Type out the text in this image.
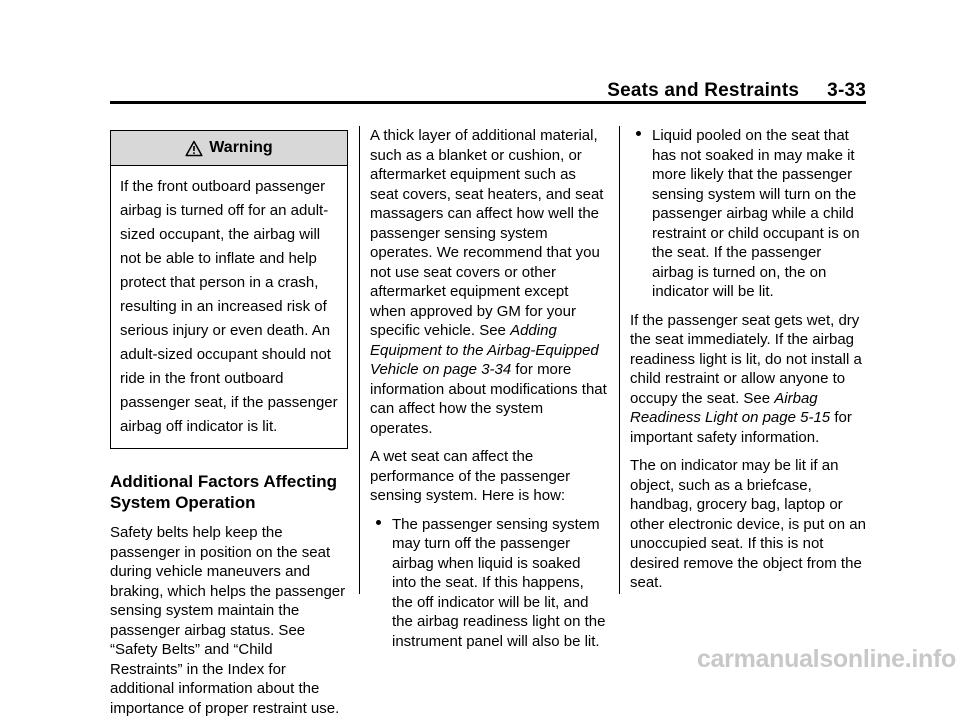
Seats and Restraints 3-33
Warning
If the front outboard passenger airbag is turned off for an adult-sized occupant, the airbag will not be able to inflate and help protect that person in a crash, resulting in an increased risk of serious injury or even death. An adult-sized occupant should not ride in the front outboard passenger seat, if the passenger airbag off indicator is lit.
Additional Factors Affecting System Operation

Safety belts help keep the passenger in position on the seat during vehicle maneuvers and braking, which helps the passenger sensing system maintain the passenger airbag status. See “Safety Belts” and “Child Restraints” in the Index for additional information about the importance of proper restraint use.

A thick layer of additional material, such as a blanket or cushion, or aftermarket equipment such as seat covers, seat heaters, and seat massagers can affect how well the passenger sensing system operates. We recommend that you not use seat covers or other aftermarket equipment except when approved by GM for your specific vehicle. See Adding Equipment to the Airbag-Equipped Vehicle on page 3-34 for more information about modifications that can affect how the system operates.

A wet seat can affect the performance of the passenger sensing system. Here is how:

The passenger sensing system may turn off the passenger airbag when liquid is soaked into the seat. If this happens, the off indicator will be lit, and the airbag readiness light on the instrument panel will also be lit.
Liquid pooled on the seat that has not soaked in may make it more likely that the passenger sensing system will turn on the passenger airbag while a child restraint or child occupant is on the seat. If the passenger airbag is turned on, the on indicator will be lit.

If the passenger seat gets wet, dry the seat immediately. If the airbag readiness light is lit, do not install a child restraint or allow anyone to occupy the seat. See Airbag Readiness Light on page 5-15 for important safety information.

The on indicator may be lit if an object, such as a briefcase, handbag, grocery bag, laptop or other electronic device, is put on an unoccupied seat. If this is not desired remove the object from the seat.

carmanualsonline.info
